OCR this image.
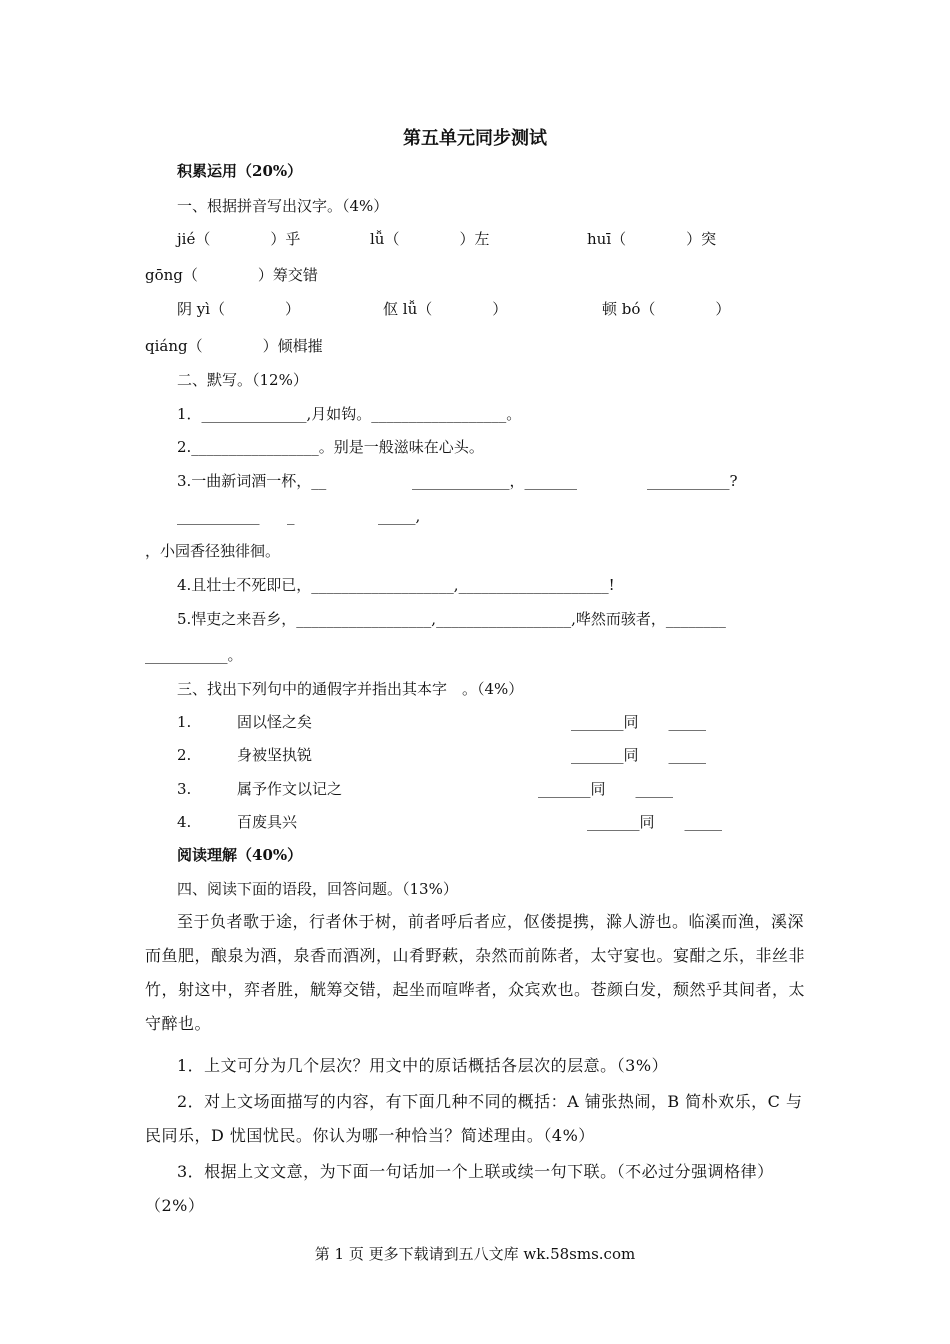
第五单元同步测试
积累运用（20%）
一、根据拼音写出汉字。（4%）
jié（　　　　）乎	lǚ（　　　　）左	huī（　　　　）突
gōng（　　　　）筹交错
阴 yì（　　　　）	伛 lǚ（　　　　）	顿 bó（　　　　）
qiáng（　　　　）倾楫摧
二、默写。（12%）
1．______________,月如钩。__________________。
2._________________。别是一般滋味在心头。
3.一曲新词酒一杯，__	_____________，_______	___________?
___________ _	_____,
，小园香径独徘徊。
4.且壮士不死即已，___________________,____________________!
5.悍吏之来吾乡，__________________,__________________,哗然而骇者，________
___________。
三、找出下列句中的通假字并指出其本字　。（4%）
1.	固以怪之矣	_______同　　_____
2.	身被坚执锐	_______同　　_____
3.	属予作文以记之	_______同　　_____
4.	百废具兴	_______同　　_____
阅读理解（40%）
四、阅读下面的语段，回答问题。（13%）
至于负者歌于途，行者休于树，前者呼后者应，伛偻提携，滁人游也。临溪而渔，溪深而鱼肥，酿泉为酒，泉香而酒冽，山肴野蔌，杂然而前陈者，太守宴也。宴酣之乐，非丝非竹，射这中，弈者胜，觥筹交错，起坐而喧哗者，众宾欢也。苍颜白发，颓然乎其间者，太守醉也。
1．上文可分为几个层次？用文中的原话概括各层次的层意。（3%）
2．对上文场面描写的内容，有下面几种不同的概括：A 铺张热闹，B 简朴欢乐，C 与民同乐，D 忧国忧民。你认为哪一种恰当？简述理由。（4%）
3．根据上文文意，为下面一句话加一个上联或续一句下联。（不必过分强调格律）（2%）
第 1 页 更多下载请到五八文库 wk.58sms.com
